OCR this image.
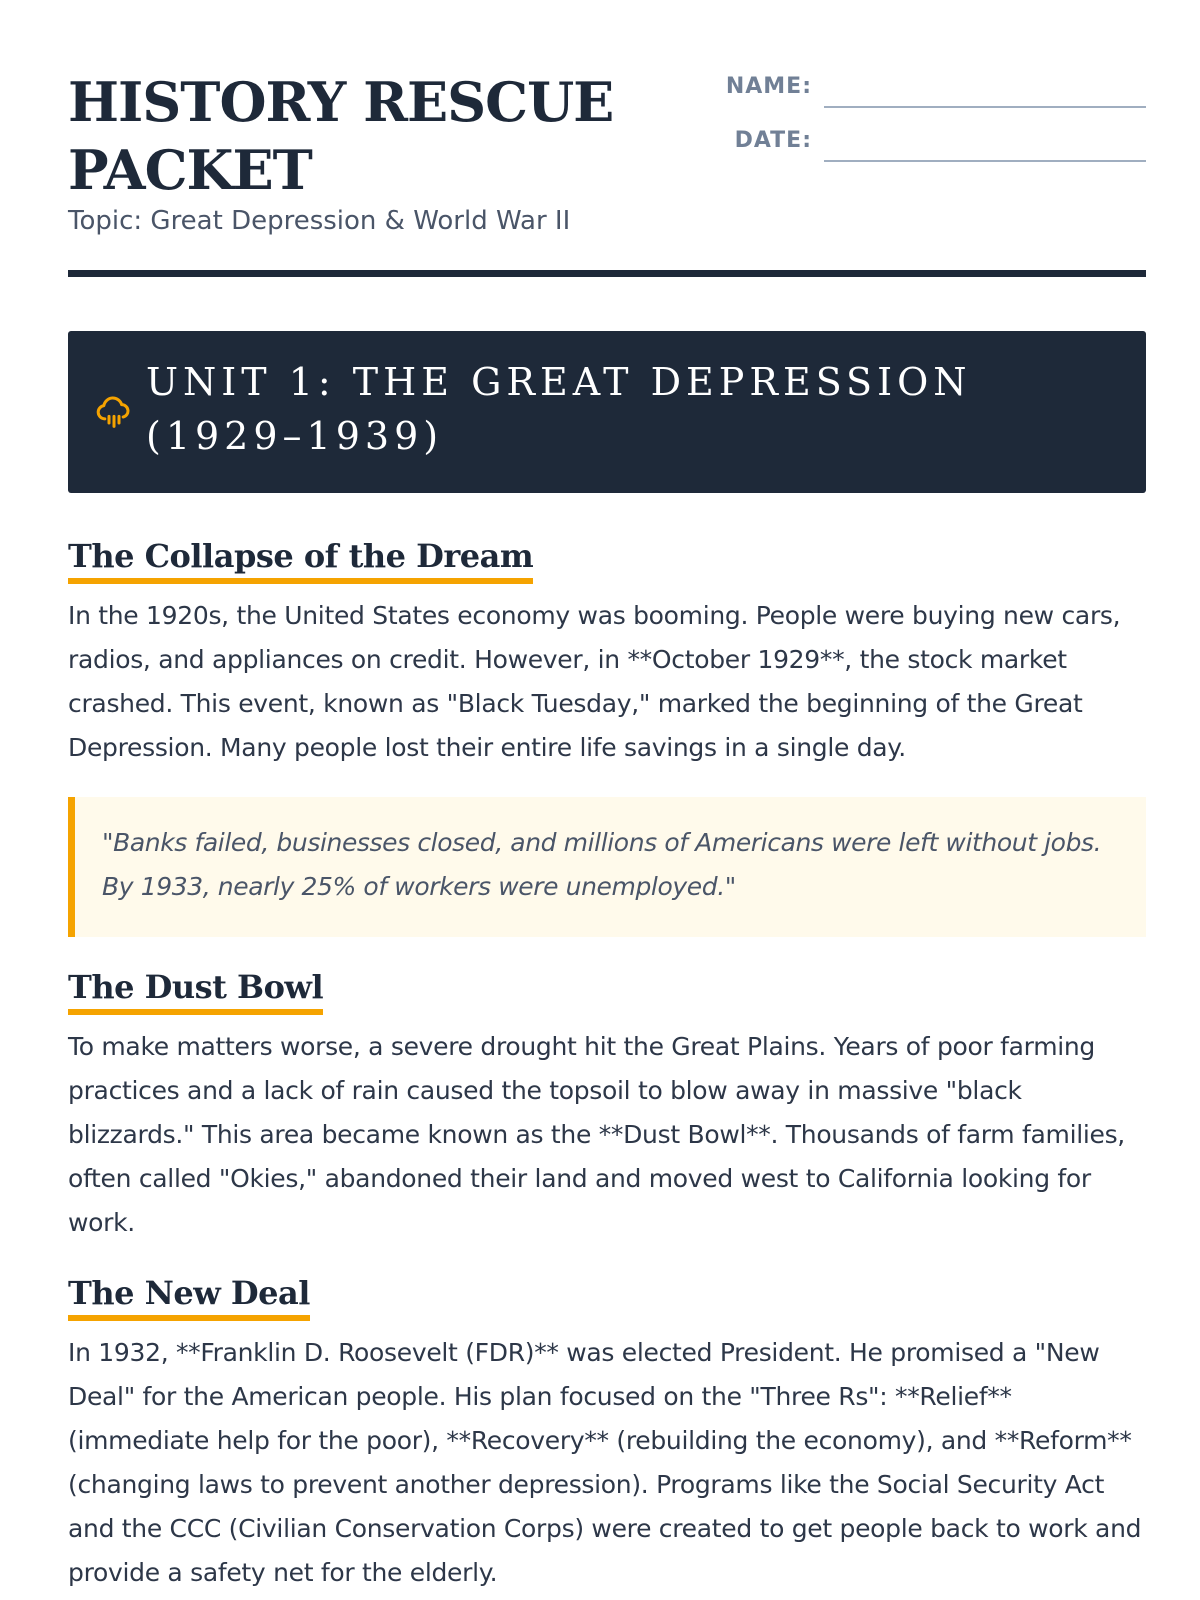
HISTORY RESCUE PACKET
Topic: Great Depression & World War II
NAME:
DATE:
UNIT 1: THE GREAT DEPRESSION (1929–1939)
The Collapse of the Dream

In the 1920s, the United States economy was booming. People were buying new cars, radios, and appliances on credit. However, in **October 1929**, the stock market crashed. This event, known as "Black Tuesday," marked the beginning of the Great Depression. Many people lost their entire life savings in a single day.

"Banks failed, businesses closed, and millions of Americans were left without jobs. By 1933, nearly 25% of workers were unemployed."

The Dust Bowl

To make matters worse, a severe drought hit the Great Plains. Years of poor farming practices and a lack of rain caused the topsoil to blow away in massive "black blizzards." This area became known as the **Dust Bowl**. Thousands of farm families, often called "Okies," abandoned their land and moved west to California looking for work.

The New Deal

In 1932, **Franklin D. Roosevelt (FDR)** was elected President. He promised a "New Deal" for the American people. His plan focused on the "Three Rs": **Relief** (immediate help for the poor), **Recovery** (rebuilding the economy), and **Reform** (changing laws to prevent another depression). Programs like the Social Security Act and the CCC (Civilian Conservation Corps) were created to get people back to work and provide a safety net for the elderly.
